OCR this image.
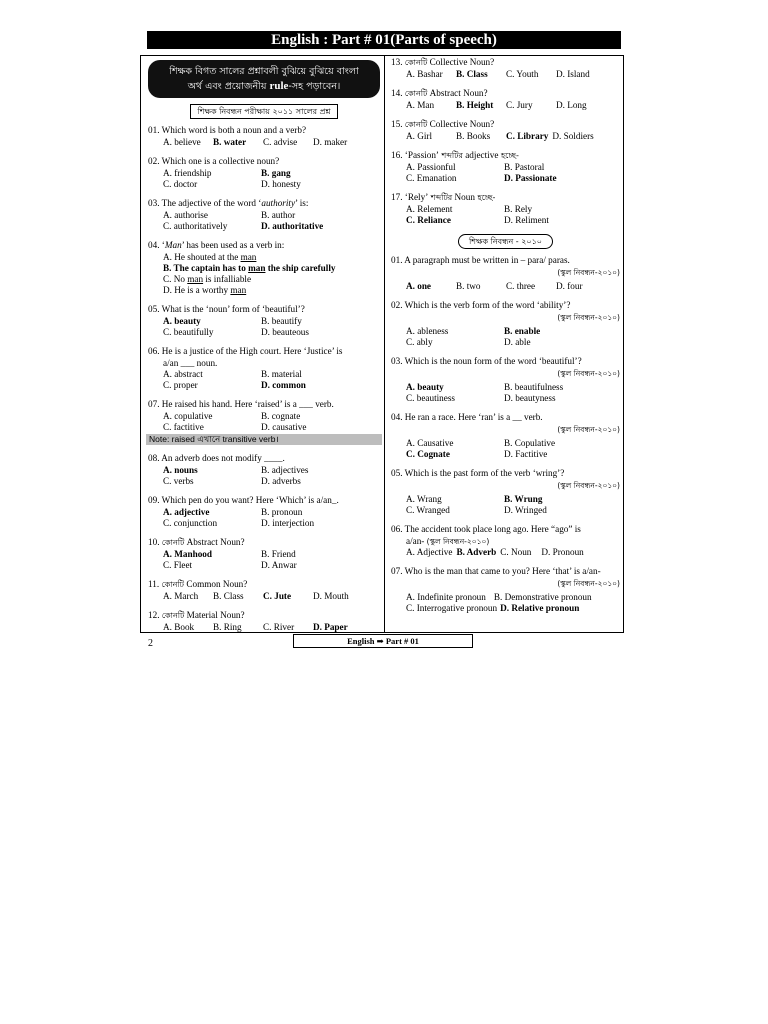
English : Part # 01(Parts of speech)
শিক্ষক বিগত সালের প্রশ্নাবলী বুঝিয়ে বুঝিয়ে বাংলা
অর্থ এবং প্রয়োজনীয় rule-সহ পড়াবেন।
শিক্ষক নিবন্ধন পরীক্ষায় ২০১১ সালের প্রশ্ন
01. Which word is both a noun and a verb?
A. believe	B. water	C. advise	D. maker
02. Which one is a collective noun?
A. friendship	B. gang
C. doctor	D. honesty
03. The adjective of the word ‘authority’ is:
A. authorise	B. author
C. authoritatively	D. authoritative
04. ‘Man’ has been used as a verb in:
A. He shouted at the man
B. The captain has to man the ship carefully
C. No man is infalliable
D. He is a worthy man
05. What is the ‘noun’ form of ‘beautiful’?
A. beauty	B. beautify
C. beautifully	D. beauteous
06. He is a justice of the High court. Here ‘Justice’ is
a/an ___ noun.
A. abstract	B. material
C. proper	D. common
07. He raised his hand. Here ‘raised’ is a ___ verb.
A. copulative	B. cognate
C. factitive	D. causative
Note: raised এখানে transitive verb।
08. An adverb does not modify ____.
A. nouns	B. adjectives
C. verbs	D. adverbs
09. Which pen do you want? Here ‘Which’ is a/an_.
A. adjective	B. pronoun
C. conjunction	D. interjection
10. কোনটি Abstract Noun?
A. Manhood	B. Friend
C. Fleet	D. Anwar
11. কোনটি Common Noun?
A. March	B. Class	C. Jute	D. Mouth
12. কোনটি Material Noun?
A. Book	B. Ring	C. River	D. Paper
13. কোনটি Collective Noun?
A. Bashar	B. Class	C. Youth	D. Island
14. কোনটি Abstract Noun?
A. Man	B. Height	C. Jury	D. Long
15. কোনটি Collective Noun?
A. Girl	B. Books	C. Library D. Soldiers
16. ‘Passion’ শব্দটির adjective হচ্ছে-
A. Passionful	B. Pastoral
C. Emanation	D. Passionate
17. ‘Rely’ শব্দটির Noun হচ্ছে-
A. Relement	B. Rely
C. Reliance	D. Reliment
শিক্ষক নিবন্ধন - ২০১০
01. A paragraph must be written in – para/ paras.
(স্কুল নিবন্ধন-২০১০)
A. one	B. two	C. three	D. four
02. Which is the verb form of the word ‘ability’?
(স্কুল নিবন্ধন-২০১০)
A. ableness	B. enable
C. ably	D. able
03. Which is the noun form of the word ‘beautiful’?
(স্কুল নিবন্ধন-২০১০)
A. beauty	B. beautifulness
C. beautiness	D. beautyness
04. He ran a race. Here ‘ran’ is a __ verb.
(স্কুল নিবন্ধন-২০১০)
A. Causative	B. Copulative
C. Cognate	D. Factitive
05. Which is the past form of the verb ‘wring’?
(স্কুল নিবন্ধন-২০১০)
A. Wrang	B. Wrung
C. Wranged	D. Wringed
06. The accident took place long ago. Here “ago” is
a/an- (স্কুল নিবন্ধন-২০১০)
A. Adjective B. Adverb C. Noun D. Pronoun
07. Who is the man that came to you? Here ‘that’ is a/an-
(স্কুল নিবন্ধন-২০১০)
A. Indefinite pronoun B. Demonstrative pronoun
C. Interrogative pronoun D. Relative pronoun
2	English ➡ Part # 01
